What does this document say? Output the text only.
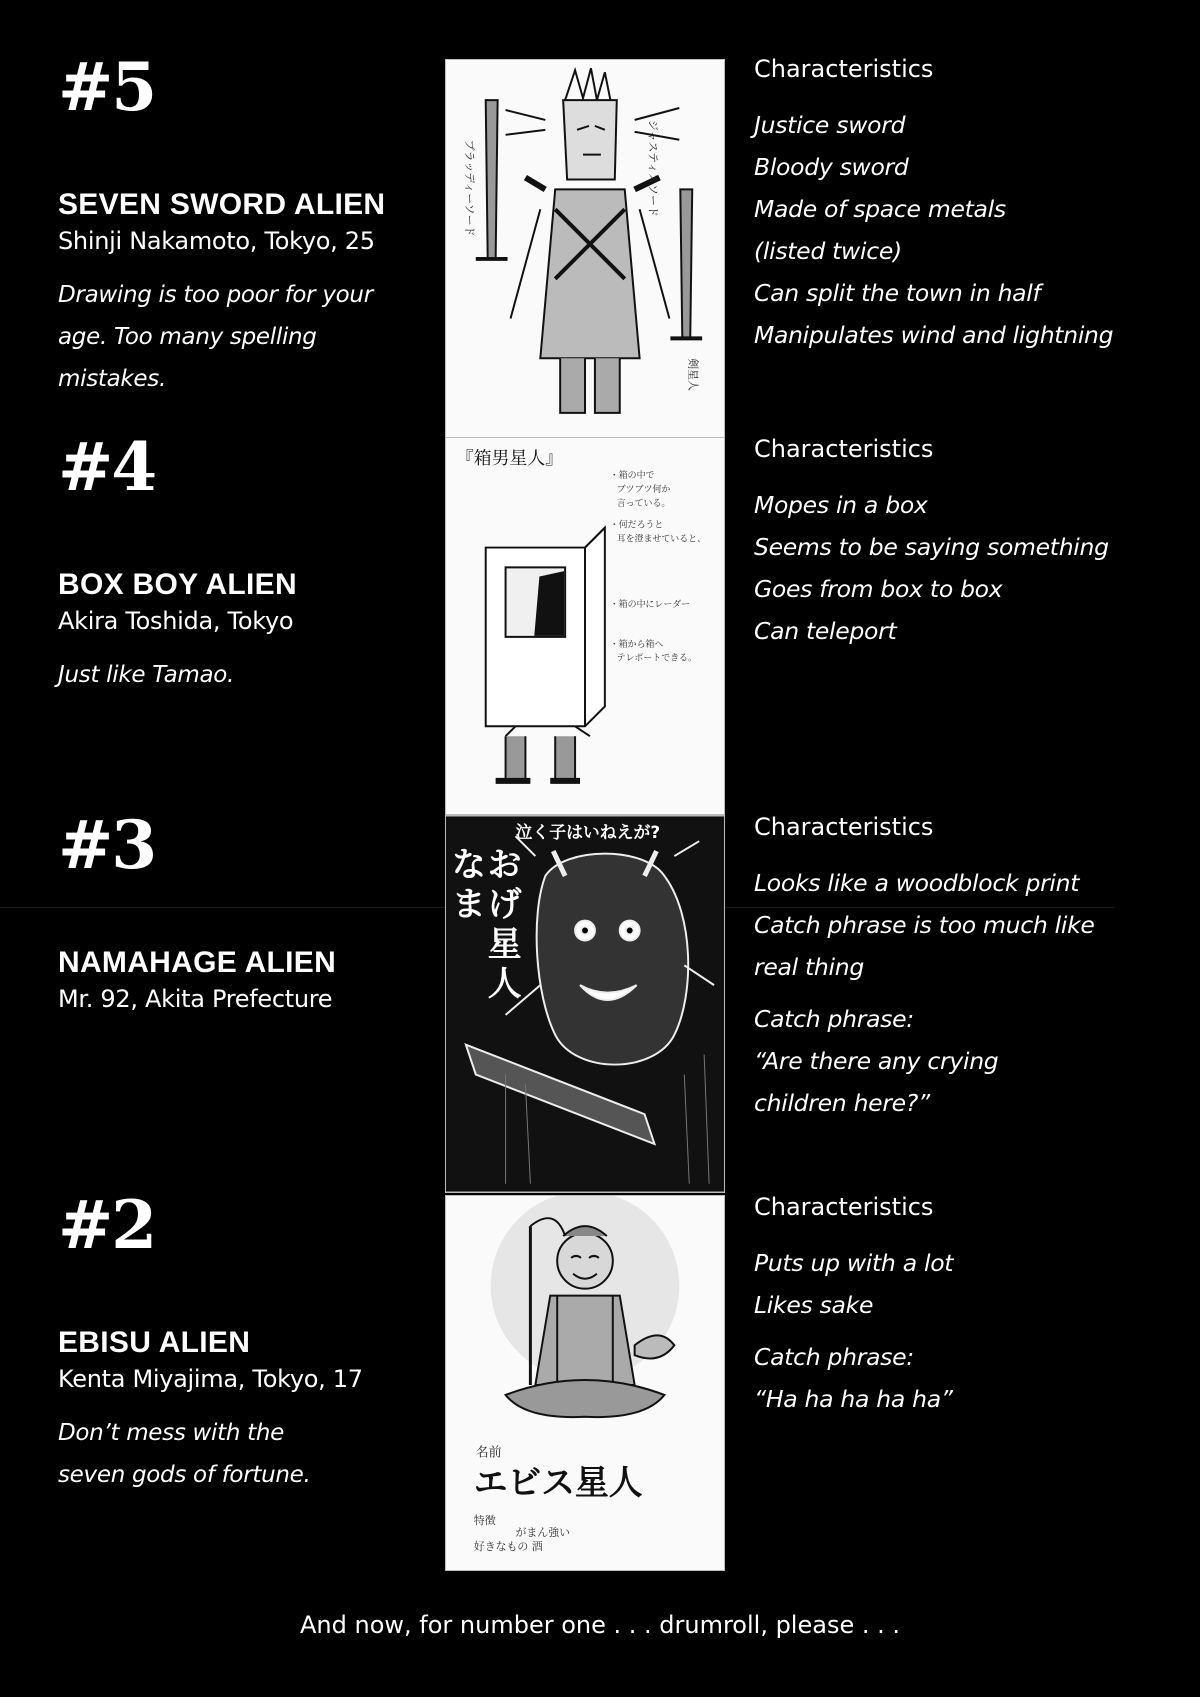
#5
SEVEN SWORD ALIEN
Shinji Nakamoto, Tokyo, 25
Drawing is too poor for your
age. Too many spelling
mistakes.
ジャスティスソード
ブラッディーソード
剣星人
Characteristics
Justice sword
Bloody sword
Made of space metals
(listed twice)
Can split the town in half
Manipulates wind and lightning
#4
BOX BOY ALIEN
Akira Toshida, Tokyo
Just like Tamao.
『箱男星人』
・箱の中で
ブツブツ何か
言っている。
・何だろうと
耳を澄ませていると、
・箱の中にレーダー
・箱から箱へ
テレポートできる。
Characteristics
Mopes in a box
Seems to be saying something
Goes from box to box
Can teleport
#3
NAMAHAGE ALIEN
Mr. 92, Akita Prefecture
泣く子はいねえが?
な
ま
お
げ
星
人
Characteristics
Looks like a woodblock print
Catch phrase is too much like
real thing
Catch phrase:
“Are there any crying children here?”
#2
EBISU ALIEN
Kenta Miyajima, Tokyo, 17
Don’t mess with the
seven gods of fortune.
名前
エビス星人
特徴
がまん強い
好きなもの 酒
Characteristics
Puts up with a lot
Likes sake
Catch phrase:
“Ha ha ha ha ha”
And now, for number one . . . drumroll, please . . .
